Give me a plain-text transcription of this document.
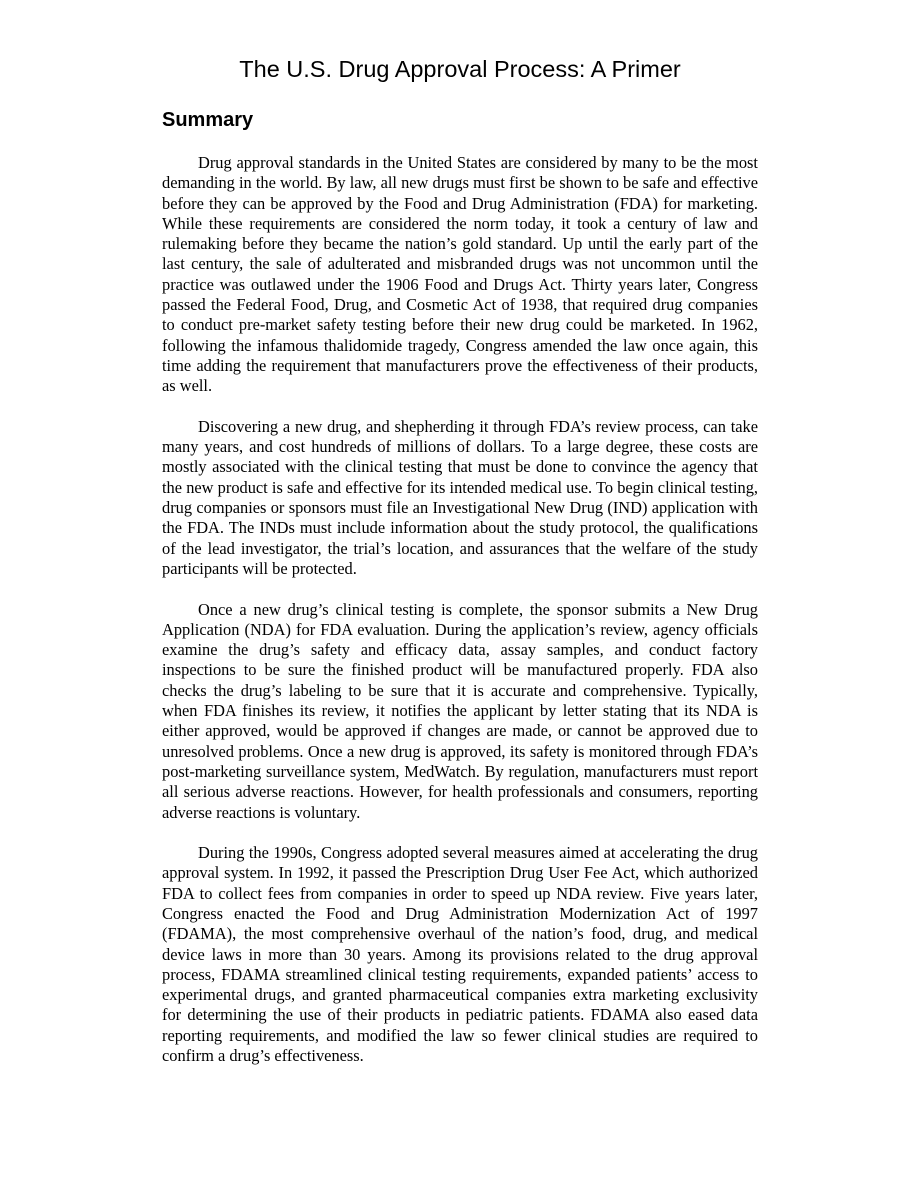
The U.S. Drug Approval Process: A Primer
Summary

Drug approval standards in the United States are considered by many to be the most demanding in the world. By law, all new drugs must first be shown to be safe and effective before they can be approved by the Food and Drug Administration (FDA) for marketing. While these requirements are considered the norm today, it took a century of law and rulemaking before they became the nation’s gold standard. Up until the early part of the last century, the sale of adulterated and misbranded drugs was not uncommon until the practice was outlawed under the 1906 Food and Drugs Act. Thirty years later, Congress passed the Federal Food, Drug, and Cosmetic Act of 1938, that required drug companies to conduct pre-market safety testing before their new drug could be marketed. In 1962, following the infamous thalidomide tragedy, Congress amended the law once again, this time adding the requirement that manufacturers prove the effectiveness of their products, as well.

Discovering a new drug, and shepherding it through FDA’s review process, can take many years, and cost hundreds of millions of dollars. To a large degree, these costs are mostly associated with the clinical testing that must be done to convince the agency that the new product is safe and effective for its intended medical use. To begin clinical testing, drug companies or sponsors must file an Investigational New Drug (IND) application with the FDA. The INDs must include information about the study protocol, the qualifications of the lead investigator, the trial’s location, and assurances that the welfare of the study participants will be protected.

Once a new drug’s clinical testing is complete, the sponsor submits a New Drug Application (NDA) for FDA evaluation. During the application’s review, agency officials examine the drug’s safety and efficacy data, assay samples, and conduct factory inspections to be sure the finished product will be manufactured properly. FDA also checks the drug’s labeling to be sure that it is accurate and comprehensive. Typically, when FDA finishes its review, it notifies the applicant by letter stating that its NDA is either approved, would be approved if changes are made, or cannot be approved due to unresolved problems. Once a new drug is approved, its safety is monitored through FDA’s post-marketing surveillance system, MedWatch. By regulation, manufacturers must report all serious adverse reactions. However, for health professionals and consumers, reporting adverse reactions is voluntary.

During the 1990s, Congress adopted several measures aimed at accelerating the drug approval system. In 1992, it passed the Prescription Drug User Fee Act, which authorized FDA to collect fees from companies in order to speed up NDA review. Five years later, Congress enacted the Food and Drug Administration Modernization Act of 1997 (FDAMA), the most comprehensive overhaul of the nation’s food, drug, and medical device laws in more than 30 years. Among its provisions related to the drug approval process, FDAMA streamlined clinical testing requirements, expanded patients’ access to experimental drugs, and granted pharmaceutical companies extra marketing exclusivity for determining the use of their products in pediatric patients. FDAMA also eased data reporting requirements, and modified the law so fewer clinical studies are required to confirm a drug’s effectiveness.
